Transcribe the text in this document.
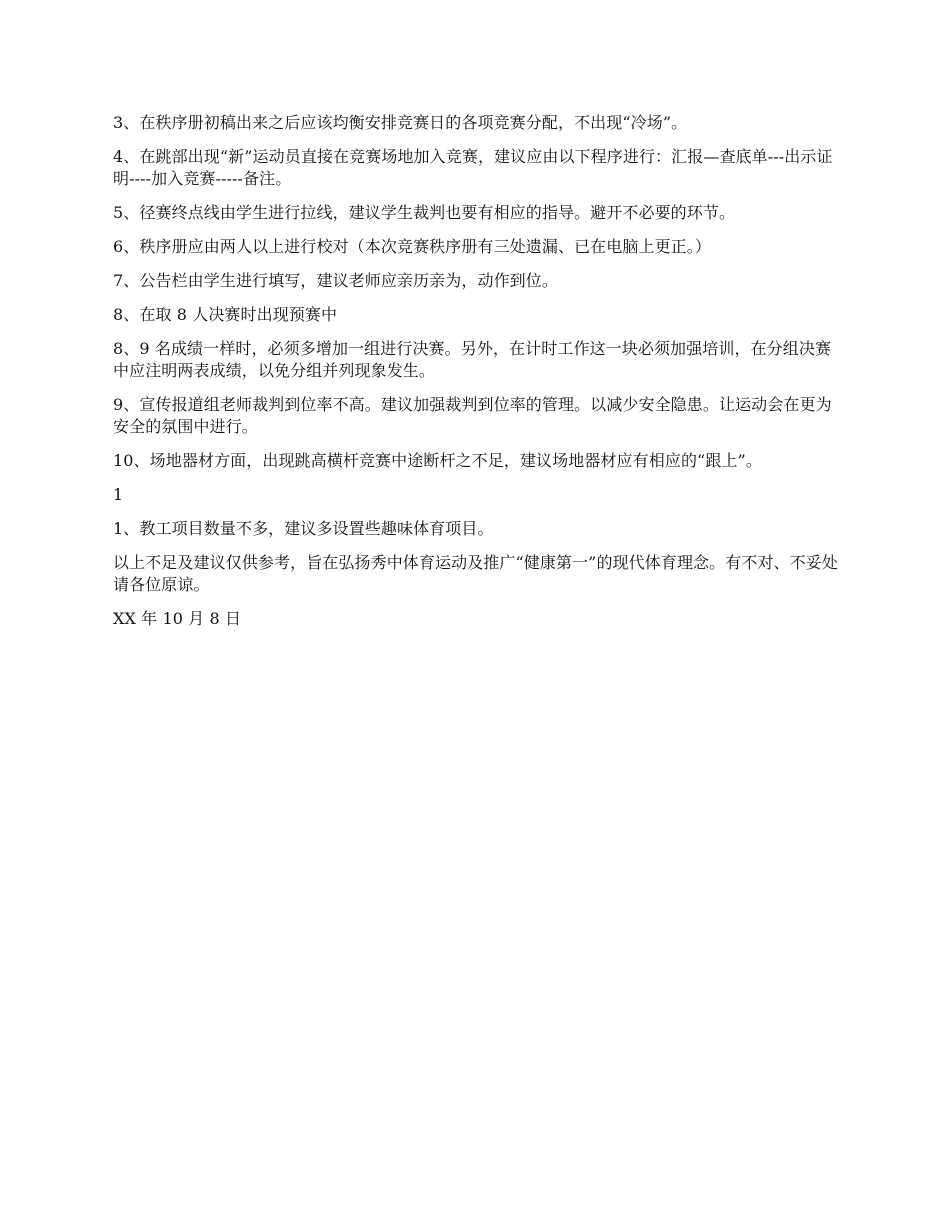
3、在秩序册初稿出来之后应该均衡安排竞赛日的各项竞赛分配，不出现“冷场”。

4、在跳部出现“新”运动员直接在竞赛场地加入竞赛，建议应由以下程序进行：汇报—查底单---出示证明----加入竞赛-----备注。

5、径赛终点线由学生进行拉线，建议学生裁判也要有相应的指导。避开不必要的环节。

6、秩序册应由两人以上进行校对（本次竞赛秩序册有三处遗漏、已在电脑上更正。）

7、公告栏由学生进行填写，建议老师应亲历亲为，动作到位。

8、在取 8 人决赛时出现预赛中

8、9 名成绩一样时，必须多增加一组进行决赛。另外，在计时工作这一块必须加强培训，在分组决赛中应注明两表成绩，以免分组并列现象发生。

9、宣传报道组老师裁判到位率不高。建议加强裁判到位率的管理。以减少安全隐患。让运动会在更为安全的氛围中进行。

10、场地器材方面，出现跳高横杆竞赛中途断杆之不足，建议场地器材应有相应的“跟上”。

1

1、教工项目数量不多，建议多设置些趣味体育项目。

以上不足及建议仅供参考，旨在弘扬秀中体育运动及推广“健康第一”的现代体育理念。有不对、不妥处请各位原谅。

XX 年 10 月 8 日
